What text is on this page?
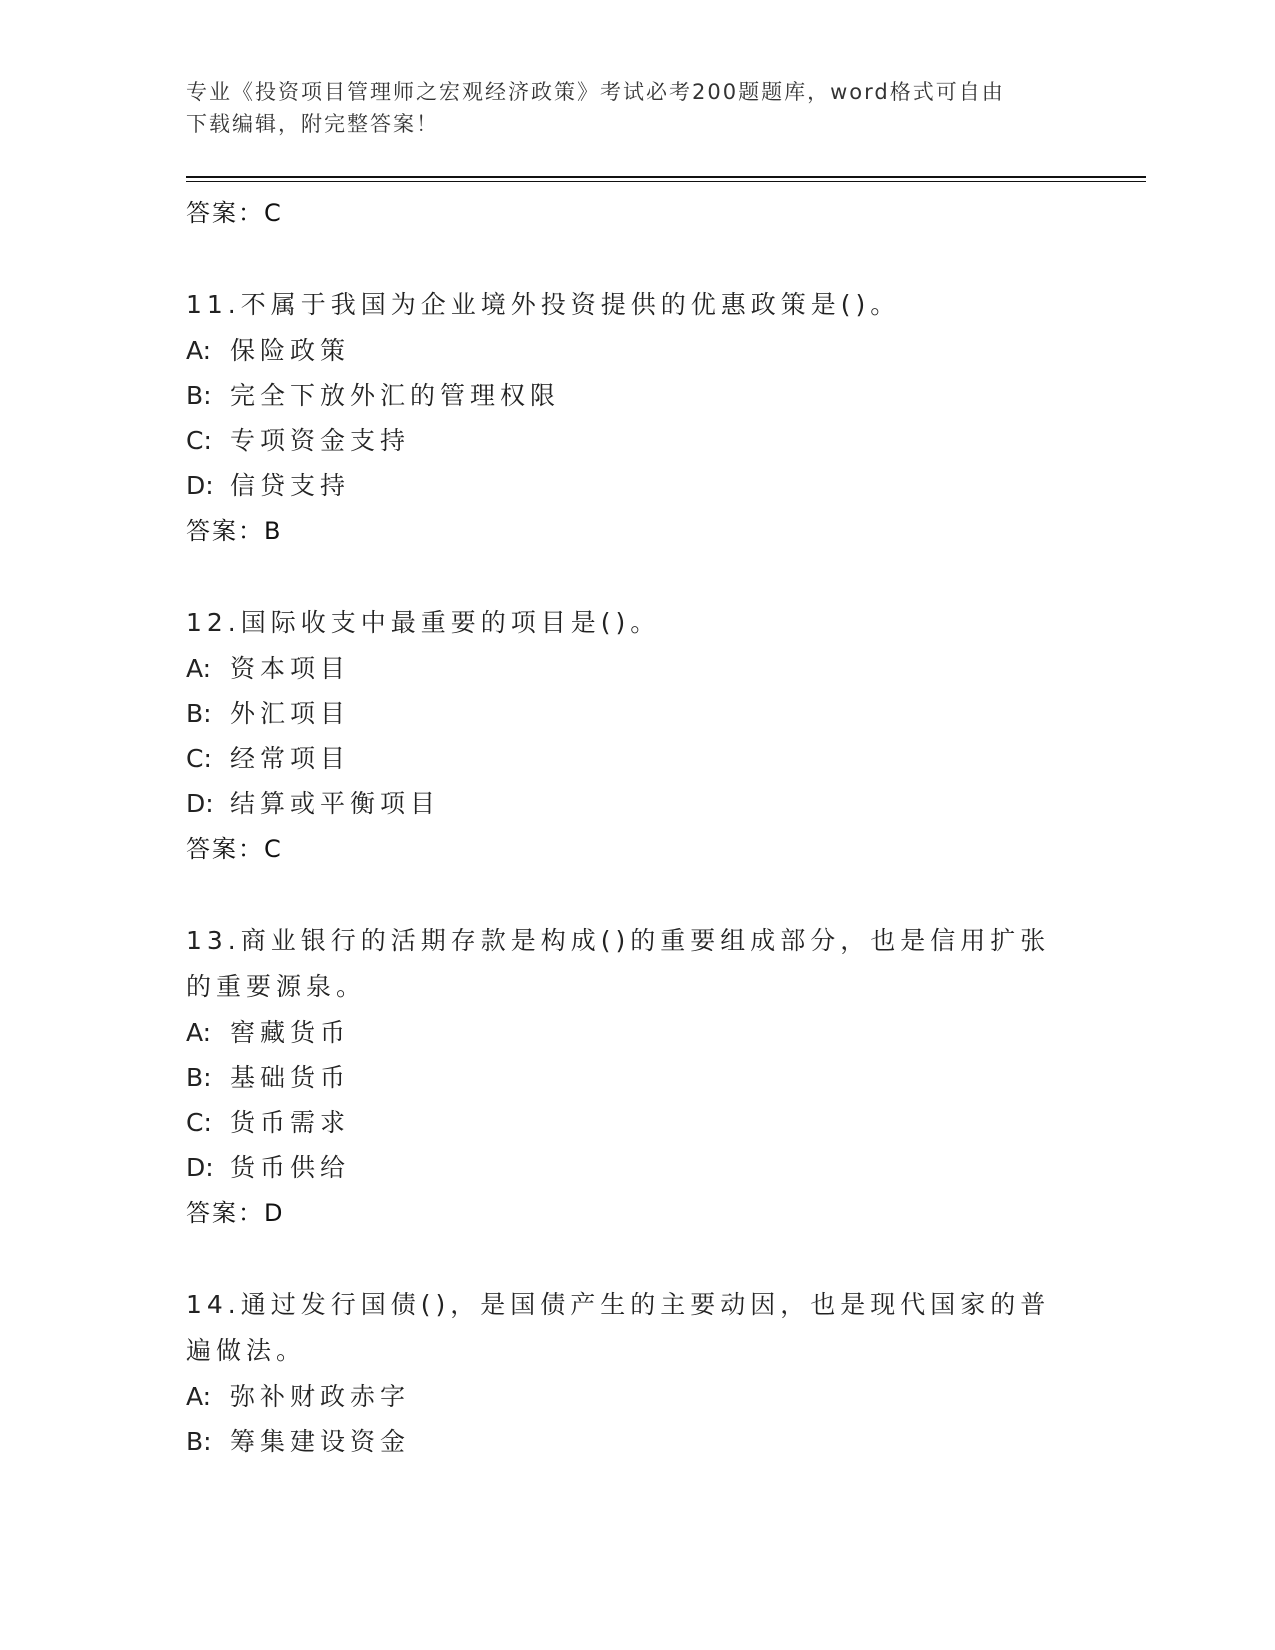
专业《投资项目管理师之宏观经济政策》考试必考200题题库，word格式可自由
下载编辑，附完整答案！
答案：C
11.不属于我国为企业境外投资提供的优惠政策是()。
A: 保险政策
B: 完全下放外汇的管理权限
C: 专项资金支持
D: 信贷支持
答案：B
12.国际收支中最重要的项目是()。
A: 资本项目
B: 外汇项目
C: 经常项目
D: 结算或平衡项目
答案：C
13.商业银行的活期存款是构成()的重要组成部分，也是信用扩张的重要源泉。
A: 窖藏货币
B: 基础货币
C: 货币需求
D: 货币供给
答案：D
14.通过发行国债()，是国债产生的主要动因，也是现代国家的普遍做法。
A: 弥补财政赤字
B: 筹集建设资金
